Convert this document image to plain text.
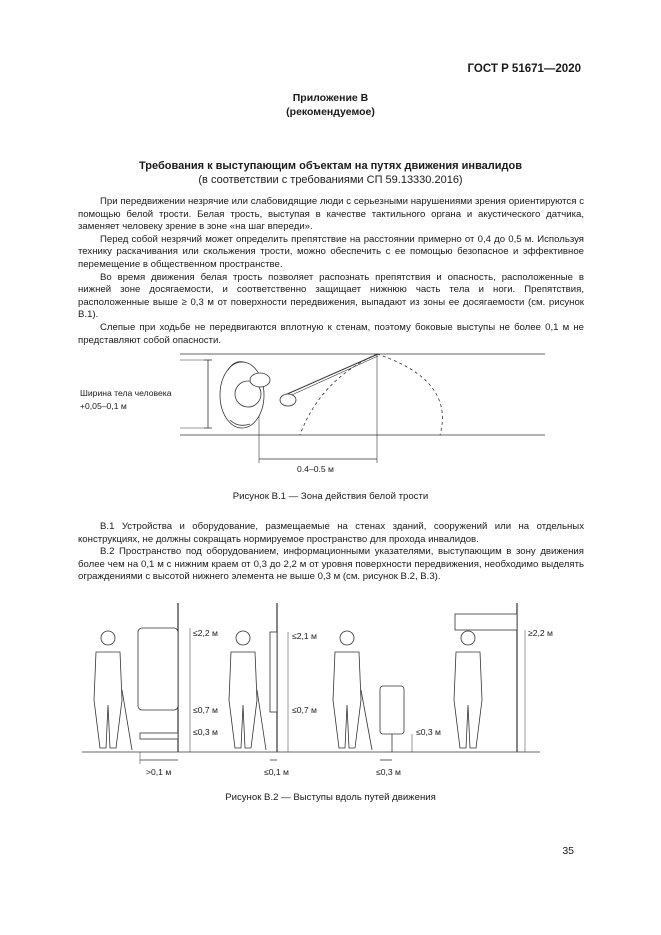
ГОСТ Р 51671—2020
Приложение В
(рекомендуемое)
Требования к выступающим объектам на путях движения инвалидов
(в соответствии с требованиями СП 59.13330.2016)

При передвижении незрячие или слабовидящие люди с серьезными нарушениями зрения ориентируются с помощью белой трости. Белая трость, выступая в качестве тактильного органа и акустического датчика, заменяет человеку зрение в зоне «на шаг впереди».

Перед собой незрячий может определить препятствие на расстоянии примерно от 0,4 до 0,5 м. Используя технику раскачивания или скольжения трости, можно обеспечить с ее помощью безопасное и эффективное перемещение в общественном пространстве.

Во время движения белая трость позволяет распознать препятствия и опасность, расположенные в нижней зоне досягаемости, и соответственно защищает нижнюю часть тела и ноги. Препятствия, расположенные выше ≥ 0,3 м от поверхности передвижения, выпадают из зоны ее досягаемости (см. рисунок В.1).

Слепые при ходьбе не передвигаются вплотную к стенам, поэтому боковые выступы не более 0,1 м не представляют собой опасности.

Ширина тела человека
+0,05–0,1 м
0.4–0.5 м
Рисунок В.1 — Зона действия белой трости

В.1 Устройства и оборудование, размещаемые на стенах зданий, сооружений или на отдельных конструкциях, не должны сокращать нормируемое пространство для прохода инвалидов.

В.2 Пространство под оборудованием, информационными указателями, выступающим в зону движения более чем на 0,1 м с нижним краем от 0,3 до 2,2 м от уровня поверхности передвижения, необходимо выделять ограждениями с высотой нижнего элемента не выше 0,3 м (см. рисунок В.2, В.3).

≤2,2 м
≤0,7 м
≤0,3 м
>0,1 м
≤2,1 м
≤0,7 м
≤0,1 м
≤0,3 м
≤0,3 м
≥2,2 м
Рисунок В.2 — Выступы вдоль путей движения
35
